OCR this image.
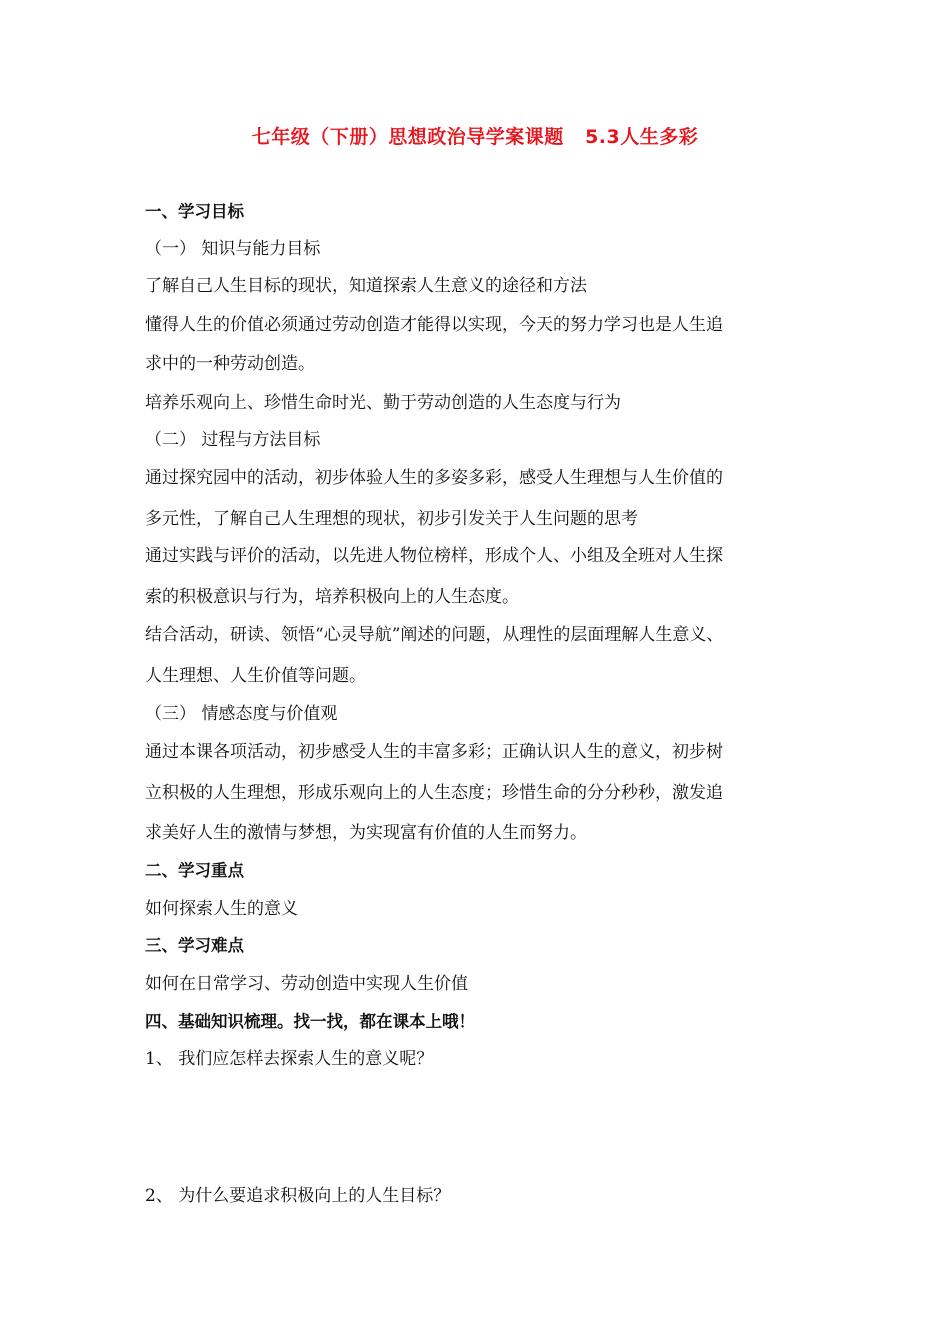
七年级（下册）思想政治导学案课题   5.3人生多彩
一、学习目标
（一） 知识与能力目标
了解自己人生目标的现状，知道探索人生意义的途径和方法
懂得人生的价值必须通过劳动创造才能得以实现，今天的努力学习也是人生追
求中的一种劳动创造。
培养乐观向上、珍惜生命时光、勤于劳动创造的人生态度与行为
（二） 过程与方法目标
通过探究园中的活动，初步体验人生的多姿多彩，感受人生理想与人生价值的
多元性，了解自己人生理想的现状，初步引发关于人生问题的思考
通过实践与评价的活动，以先进人物位榜样，形成个人、小组及全班对人生探
索的积极意识与行为，培养积极向上的人生态度。
结合活动，研读、领悟“心灵导航”阐述的问题，从理性的层面理解人生意义、
人生理想、人生价值等问题。
（三） 情感态度与价值观
通过本课各项活动，初步感受人生的丰富多彩；正确认识人生的意义，初步树
立积极的人生理想，形成乐观向上的人生态度；珍惜生命的分分秒秒，激发追
求美好人生的激情与梦想，为实现富有价值的人生而努力。
二、学习重点
如何探索人生的意义
三、学习难点
如何在日常学习、劳动创造中实现人生价值
四、基础知识梳理。找一找，都在课本上哦！
1、 我们应怎样去探索人生的意义呢？
2、 为什么要追求积极向上的人生目标？
